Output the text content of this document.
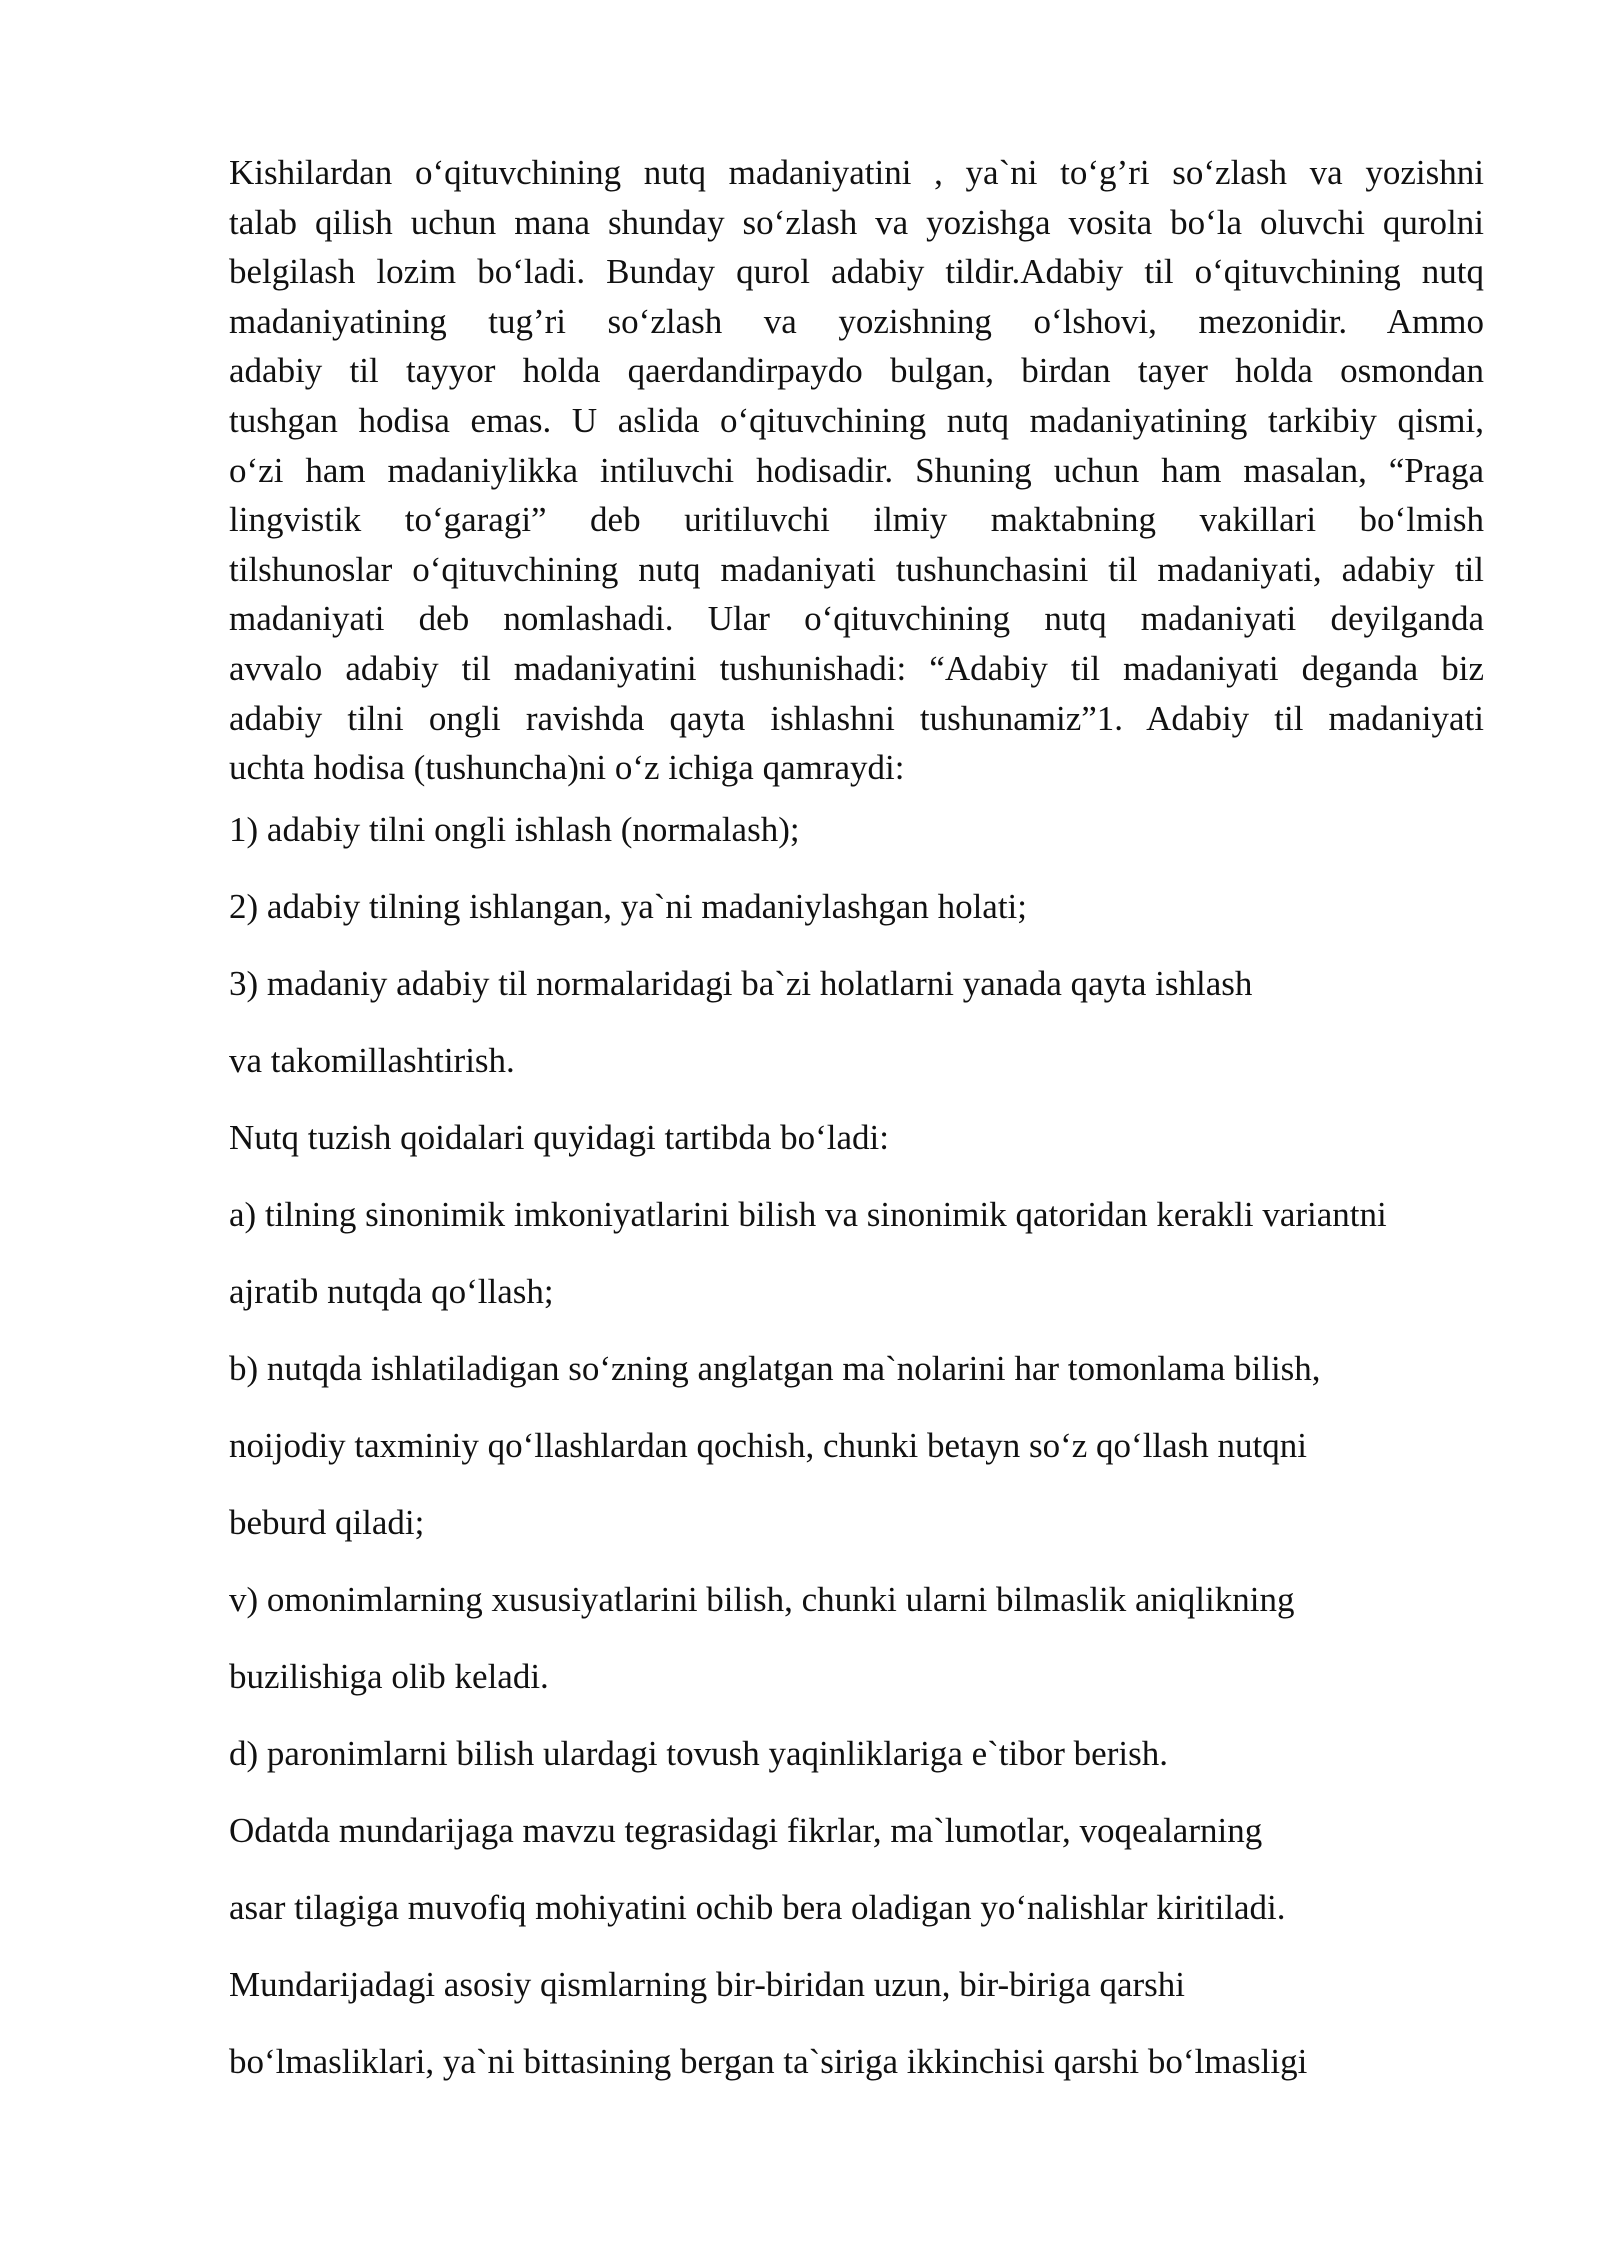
Kishilardan o‘qituvchining nutq madaniyatini , ya`ni to‘g’ri so‘zlash va yozishni
talab qilish uchun mana shunday so‘zlash va yozishga vosita bo‘la oluvchi qurolni
belgilash lozim bo‘ladi. Bunday qurol adabiy tildir.Adabiy til o‘qituvchining nutq
madaniyatining tug’ri so‘zlash va yozishning o‘lshovi, mezonidir. Ammo
adabiy til tayyor holda qaerdandirpaydo bulgan, birdan tayer holda osmondan
tushgan hodisa emas. U aslida o‘qituvchining nutq madaniyatining tarkibiy qismi,
o‘zi ham madaniylikka intiluvchi hodisadir. Shuning uchun ham masalan, “Praga
lingvistik to‘garagi” deb uritiluvchi ilmiy maktabning vakillari bo‘lmish
tilshunoslar o‘qituvchining nutq madaniyati tushunchasini til madaniyati, adabiy til
madaniyati deb nomlashadi. Ular o‘qituvchining nutq madaniyati deyilganda
avvalo adabiy til madaniyatini tushunishadi: “Adabiy til madaniyati deganda biz
adabiy tilni ongli ravishda qayta ishlashni tushunamiz”1. Adabiy til madaniyati
uchta hodisa (tushuncha)ni o‘z ichiga qamraydi:
1) adabiy tilni ongli ishlash (normalash);
2) adabiy tilning ishlangan, ya`ni madaniylashgan holati;
3) madaniy adabiy til normalaridagi ba`zi holatlarni yanada qayta ishlash
va takomillashtirish.
Nutq tuzish qoidalari quyidagi tartibda bo‘ladi:
a) tilning sinonimik imkoniyatlarini bilish va sinonimik qatoridan kerakli variantni
ajratib nutqda qo‘llash;
b) nutqda ishlatiladigan so‘zning anglatgan ma`nolarini har tomonlama bilish,
noijodiy taxminiy qo‘llashlardan qochish, chunki betayn so‘z qo‘llash nutqni
beburd qiladi;
v) omonimlarning xususiyatlarini bilish, chunki ularni bilmaslik aniqlikning
buzilishiga olib keladi.
d) paronimlarni bilish ulardagi tovush yaqinliklariga e`tibor berish.
Odatda mundarijaga mavzu tegrasidagi fikrlar, ma`lumotlar, voqealarning
asar tilagiga muvofiq mohiyatini ochib bera oladigan yo‘nalishlar kiritiladi.
Mundarijadagi asosiy qismlarning bir-biridan uzun, bir-biriga qarshi
bo‘lmasliklari, ya`ni bittasining bergan ta`siriga ikkinchisi qarshi bo‘lmasligi
